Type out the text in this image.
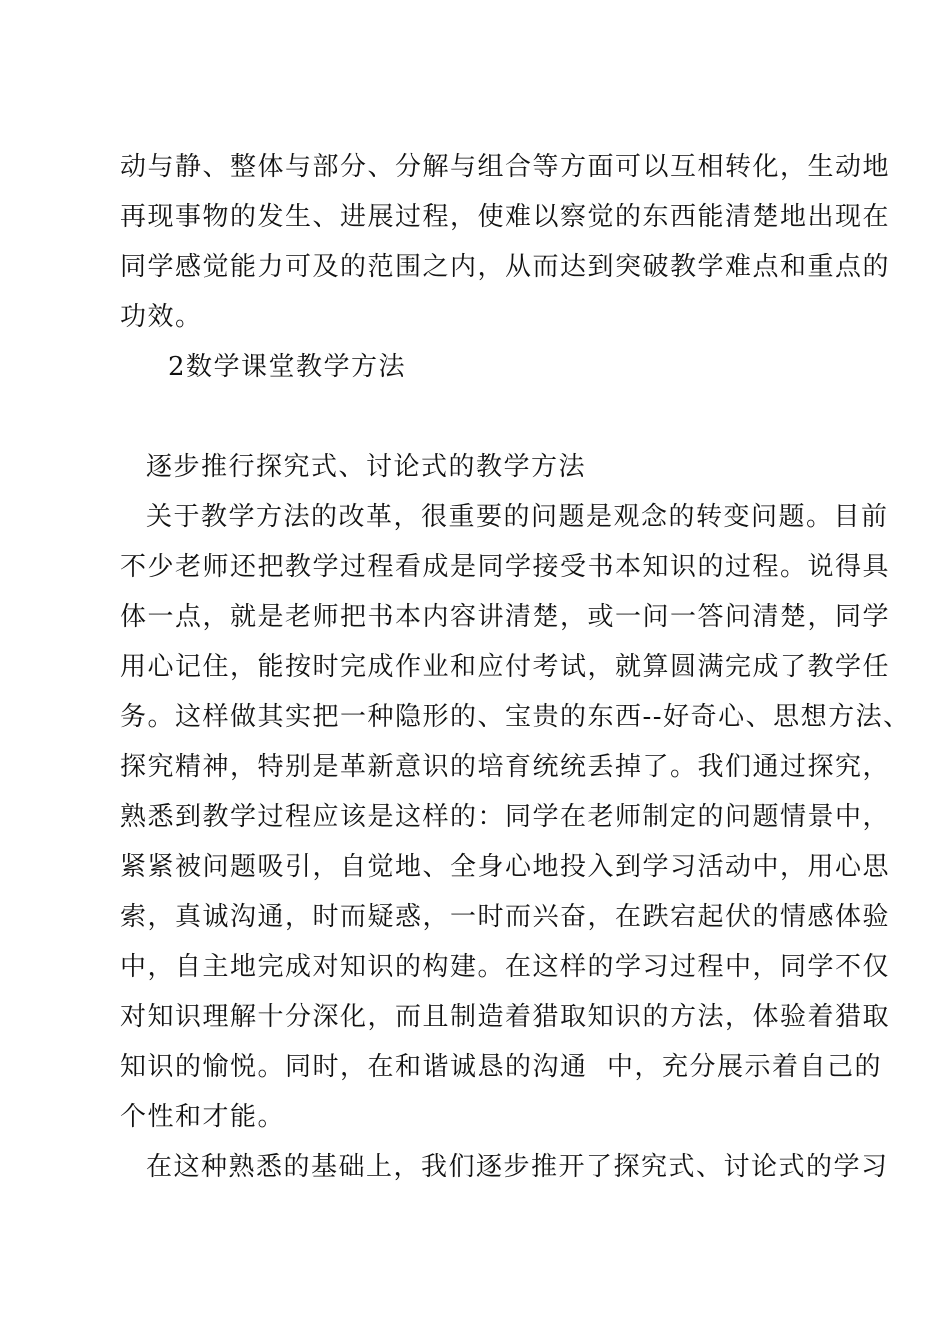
动与静、整体与部分、分解与组合等方面可以互相转化，生动地
再现事物的发生、进展过程，使难以察觉的东西能清楚地出现在
同学感觉能力可及的范围之内，从而达到突破教学难点和重点的
功效。
2数学课堂教学方法
逐步推行探究式、讨论式的教学方法
关于教学方法的改革，很重要的问题是观念的转变问题。目前
不少老师还把教学过程看成是同学接受书本知识的过程。说得具
体一点，就是老师把书本内容讲清楚，或一问一答问清楚，同学
用心记住，能按时完成作业和应付考试，就算圆满完成了教学任
务。这样做其实把一种隐形的、宝贵的东西--好奇心、思想方法、
探究精神，特别是革新意识的培育统统丢掉了。我们通过探究，
熟悉到教学过程应该是这样的：同学在老师制定的问题情景中，
紧紧被问题吸引，自觉地、全身心地投入到学习活动中，用心思
索，真诚沟通，时而疑惑，一时而兴奋，在跌宕起伏的情感体验
中，自主地完成对知识的构建。在这样的学习过程中，同学不仅
对知识理解十分深化，而且制造着猎取知识的方法，体验着猎取
知识的愉悦。同时，在和谐诚恳的沟通  中，充分展示着自己的
个性和才能。
在这种熟悉的基础上，我们逐步推开了探究式、讨论式的学习
